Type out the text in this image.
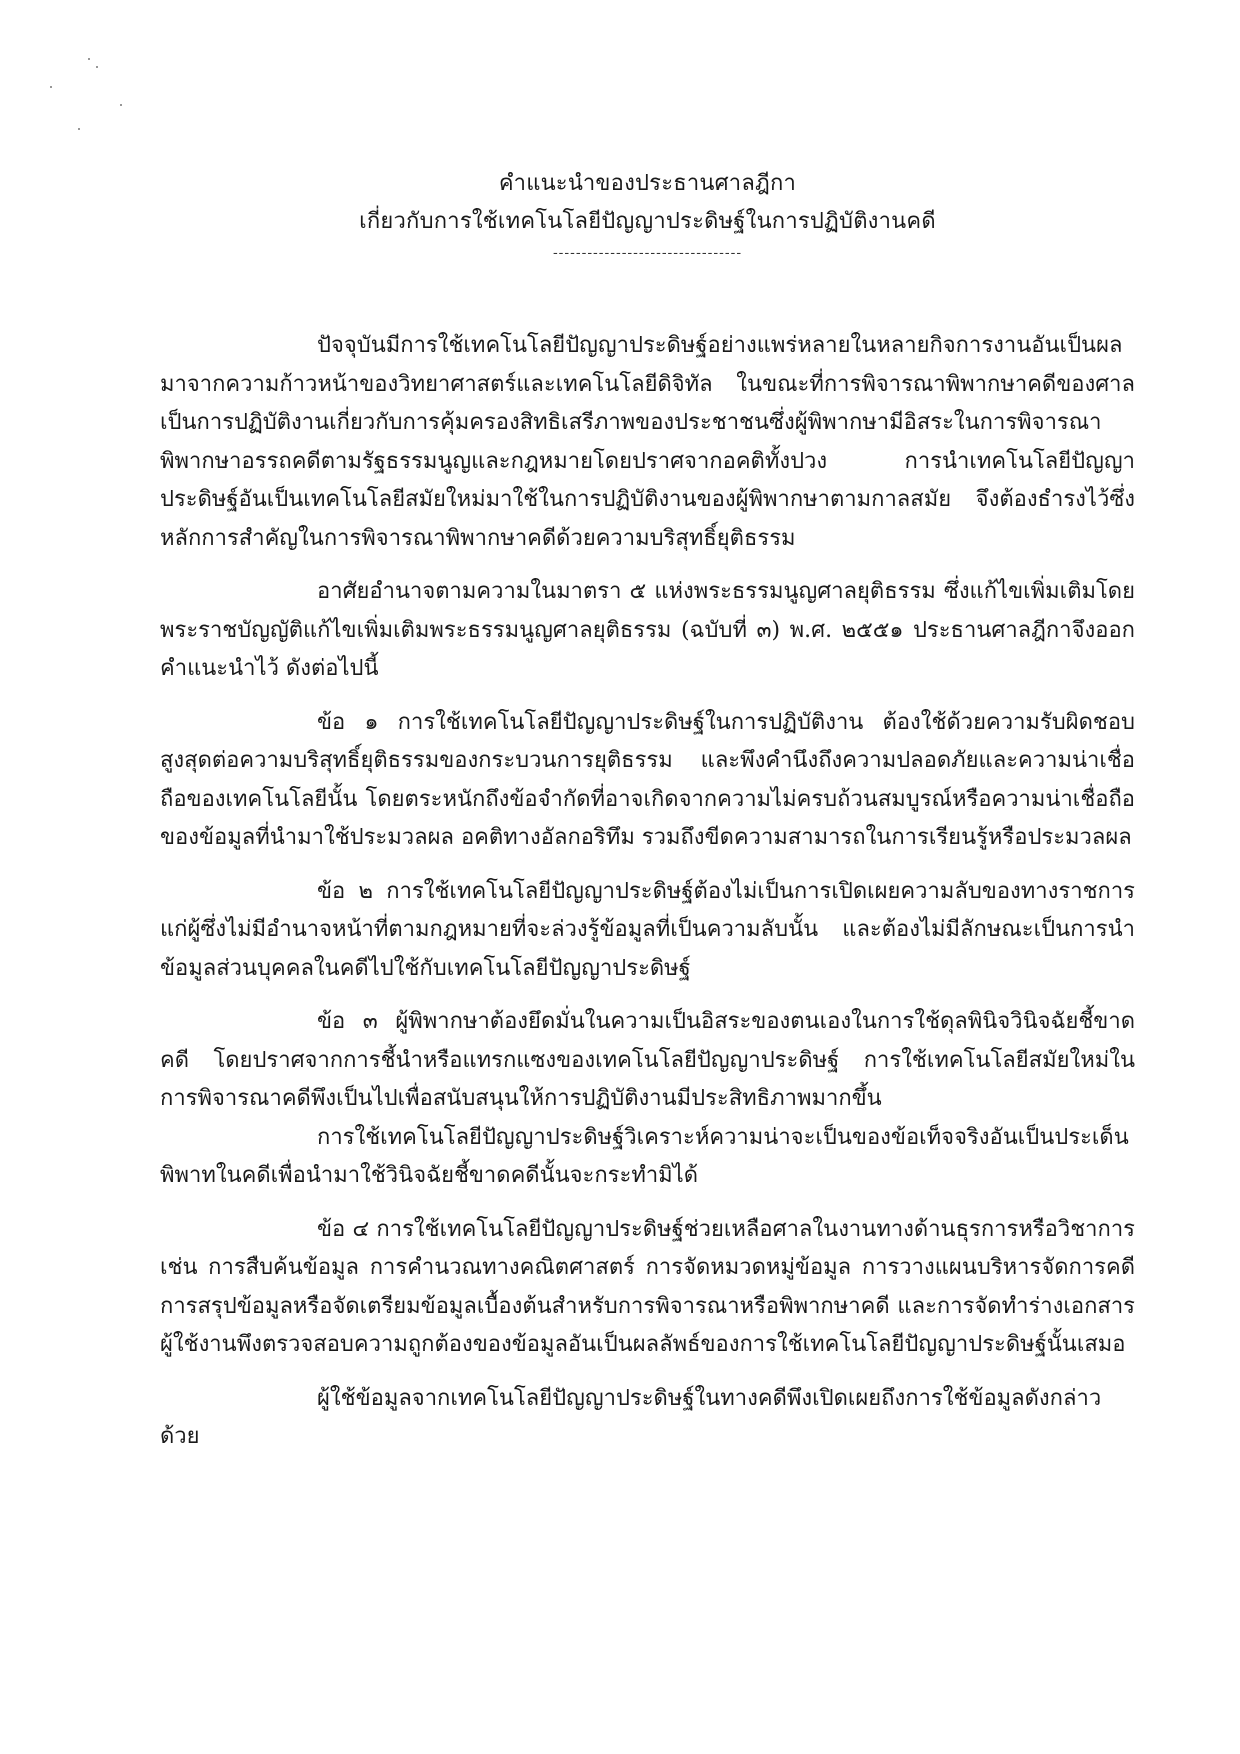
คำแนะนำของประธานศาลฎีกา
เกี่ยวกับการใช้เทคโนโลยีปัญญาประดิษฐ์ในการปฏิบัติงานคดี
---------------------------------

ปัจจุบันมีการใช้เทคโนโลยีปัญญาประดิษฐ์อย่างแพร่หลายในหลายกิจการงานอันเป็นผลมาจากความก้าวหน้าของวิทยาศาสตร์และเทคโนโลยีดิจิทัล ในขณะที่การพิจารณาพิพากษาคดีของศาลเป็นการปฏิบัติงานเกี่ยวกับการคุ้มครองสิทธิเสรีภาพของประชาชนซึ่งผู้พิพากษามีอิสระในการพิจารณาพิพากษาอรรถคดีตามรัฐธรรมนูญและกฎหมายโดยปราศจากอคติทั้งปวง การนำเทคโนโลยีปัญญาประดิษฐ์อันเป็นเทคโนโลยีสมัยใหม่มาใช้ในการปฏิบัติงานของผู้พิพากษาตามกาลสมัย จึงต้องธำรงไว้ซึ่งหลักการสำคัญในการพิจารณาพิพากษาคดีด้วยความบริสุทธิ์ยุติธรรม

อาศัยอำนาจตามความในมาตรา ๕ แห่งพระธรรมนูญศาลยุติธรรม ซึ่งแก้ไขเพิ่มเติมโดยพระราชบัญญัติแก้ไขเพิ่มเติมพระธรรมนูญศาลยุติธรรม (ฉบับที่ ๓) พ.ศ. ๒๕๕๑ ประธานศาลฎีกาจึงออกคำแนะนำไว้ ดังต่อไปนี้

ข้อ ๑ การใช้เทคโนโลยีปัญญาประดิษฐ์ในการปฏิบัติงาน ต้องใช้ด้วยความรับผิดชอบสูงสุดต่อความบริสุทธิ์ยุติธรรมของกระบวนการยุติธรรม และพึงคำนึงถึงความปลอดภัยและความน่าเชื่อถือของเทคโนโลยีนั้น โดยตระหนักถึงข้อจำกัดที่อาจเกิดจากความไม่ครบถ้วนสมบูรณ์หรือความน่าเชื่อถือของข้อมูลที่นำมาใช้ประมวลผล อคติทางอัลกอริทึม รวมถึงขีดความสามารถในการเรียนรู้หรือประมวลผล

ข้อ ๒ การใช้เทคโนโลยีปัญญาประดิษฐ์ต้องไม่เป็นการเปิดเผยความลับของทางราชการแก่ผู้ซึ่งไม่มีอำนาจหน้าที่ตามกฎหมายที่จะล่วงรู้ข้อมูลที่เป็นความลับนั้น และต้องไม่มีลักษณะเป็นการนำข้อมูลส่วนบุคคลในคดีไปใช้กับเทคโนโลยีปัญญาประดิษฐ์

ข้อ ๓ ผู้พิพากษาต้องยึดมั่นในความเป็นอิสระของตนเองในการใช้ดุลพินิจวินิจฉัยชี้ขาดคดี โดยปราศจากการชี้นำหรือแทรกแซงของเทคโนโลยีปัญญาประดิษฐ์ การใช้เทคโนโลยีสมัยใหม่ในการพิจารณาคดีพึงเป็นไปเพื่อสนับสนุนให้การปฏิบัติงานมีประสิทธิภาพมากขึ้น

การใช้เทคโนโลยีปัญญาประดิษฐ์วิเคราะห์ความน่าจะเป็นของข้อเท็จจริงอันเป็นประเด็นพิพาทในคดีเพื่อนำมาใช้วินิจฉัยชี้ขาดคดีนั้นจะกระทำมิได้

ข้อ ๔ การใช้เทคโนโลยีปัญญาประดิษฐ์ช่วยเหลือศาลในงานทางด้านธุรการหรือวิชาการ เช่น การสืบค้นข้อมูล การคำนวณทางคณิตศาสตร์ การจัดหมวดหมู่ข้อมูล การวางแผนบริหารจัดการคดี การสรุปข้อมูลหรือจัดเตรียมข้อมูลเบื้องต้นสำหรับการพิจารณาหรือพิพากษาคดี และการจัดทำร่างเอกสาร ผู้ใช้งานพึงตรวจสอบความถูกต้องของข้อมูลอันเป็นผลลัพธ์ของการใช้เทคโนโลยีปัญญาประดิษฐ์นั้นเสมอ

ผู้ใช้ข้อมูลจากเทคโนโลยีปัญญาประดิษฐ์ในทางคดีพึงเปิดเผยถึงการใช้ข้อมูลดังกล่าวด้วย
